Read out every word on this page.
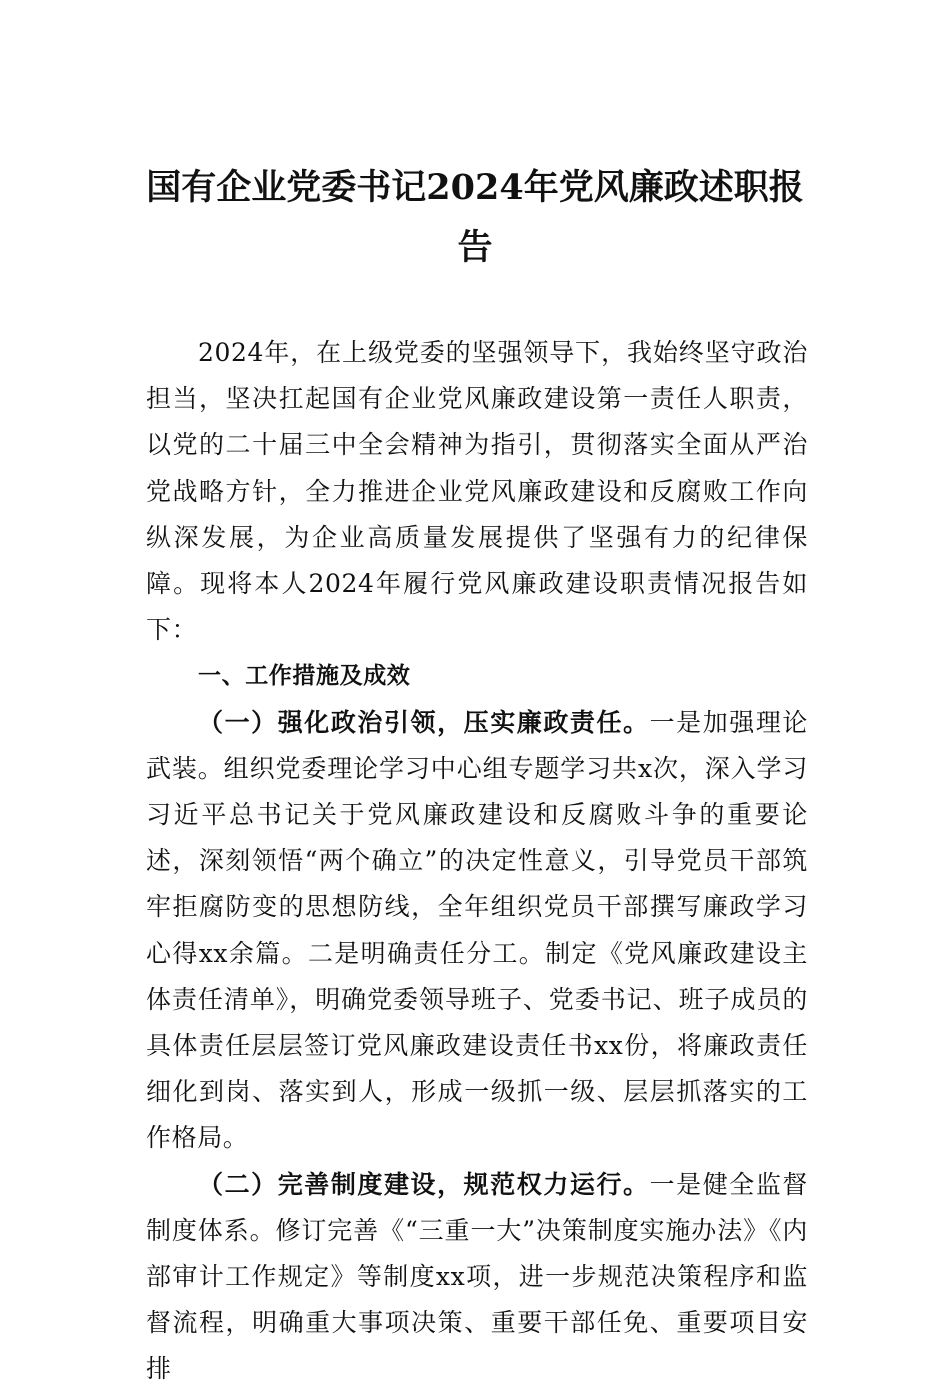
国有企业党委书记2024年党风廉政述职报告

2024年，在上级党委的坚强领导下，我始终坚守政治担当，坚决扛起国有企业党风廉政建设第一责任人职责，以党的二十届三中全会精神为指引，贯彻落实全面从严治党战略方针，全力推进企业党风廉政建设和反腐败工作向纵深发展，为企业高质量发展提供了坚强有力的纪律保障。现将本人2024年履行党风廉政建设职责情况报告如下：

一、工作措施及成效

（一）强化政治引领，压实廉政责任。一是加强理论武装。组织党委理论学习中心组专题学习共x次，深入学习习近平总书记关于党风廉政建设和反腐败斗争的重要论述，深刻领悟“两个确立”的决定性意义，引导党员干部筑牢拒腐防变的思想防线，全年组织党员干部撰写廉政学习心得xx余篇。二是明确责任分工。制定《党风廉政建设主体责任清单》，明确党委领导班子、党委书记、班子成员的具体责任层层签订党风廉政建设责任书xx份，将廉政责任细化到岗、落实到人，形成一级抓一级、层层抓落实的工作格局。

（二）完善制度建设，规范权力运行。一是健全监督制度体系。修订完善《“三重一大”决策制度实施办法》《内部审计工作规定》等制度xx项，进一步规范决策程序和监督流程，明确重大事项决策、重要干部任免、重要项目安排
